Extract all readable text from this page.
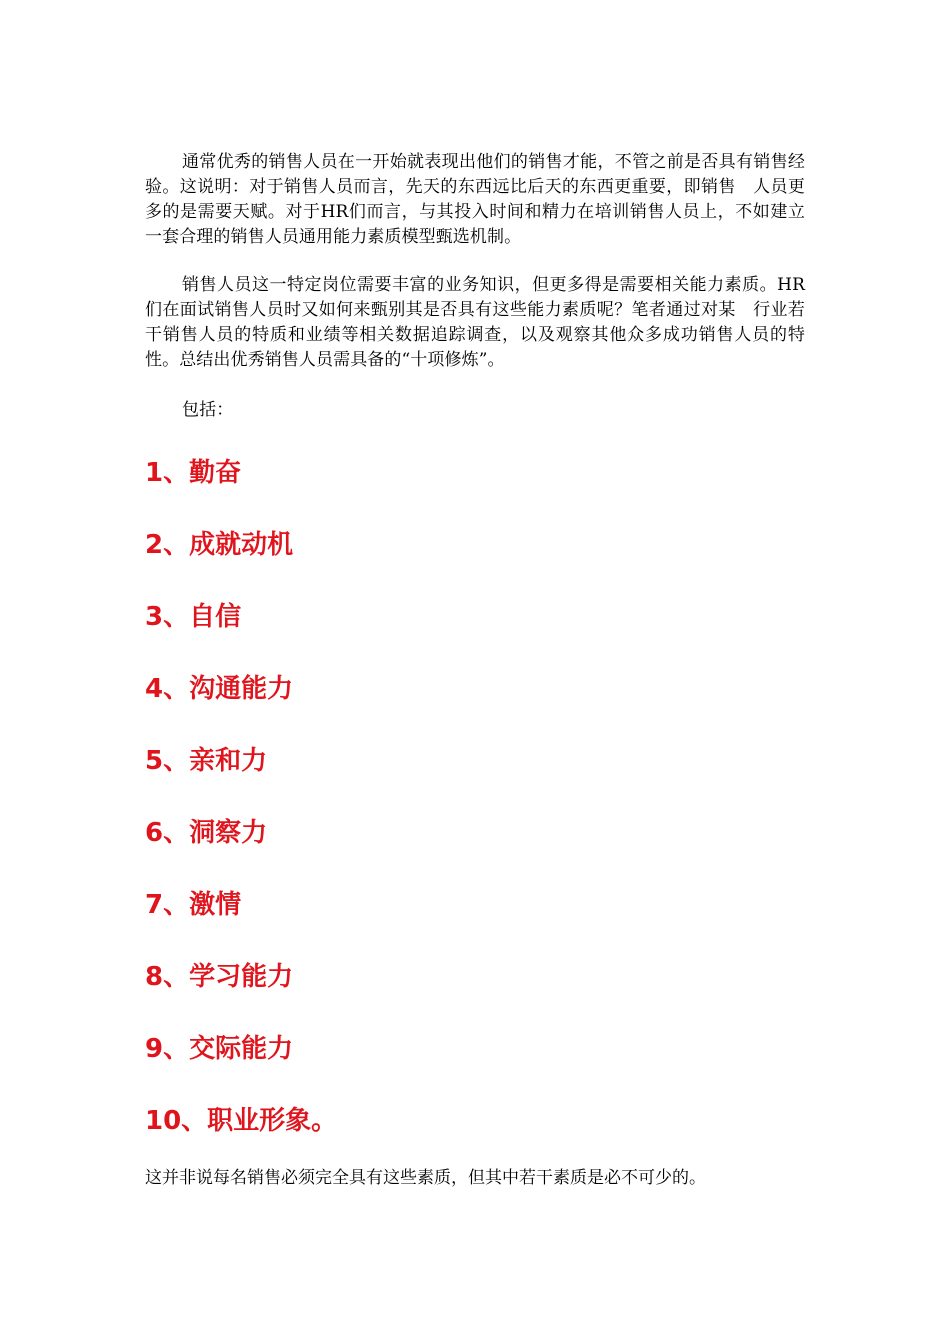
通常优秀的销售人员在一开始就表现出他们的销售才能，不管之前是否具有销售经验。这说明：对于销售人员而言，先天的东西远比后天的东西更重要，即销售　人员更多的是需要天赋。对于HR们而言，与其投入时间和精力在培训销售人员上，不如建立一套合理的销售人员通用能力素质模型甄选机制。

销售人员这一特定岗位需要丰富的业务知识，但更多得是需要相关能力素质。HR们在面试销售人员时又如何来甄别其是否具有这些能力素质呢？笔者通过对某　行业若干销售人员的特质和业绩等相关数据追踪调查，以及观察其他众多成功销售人员的特性。总结出优秀销售人员需具备的“十项修炼”。

包括：

1、勤奋
2、成就动机
3、自信
4、沟通能力
5、亲和力
6、洞察力
7、激情
8、学习能力
9、交际能力
10、职业形象。

这并非说每名销售必须完全具有这些素质，但其中若干素质是必不可少的。
